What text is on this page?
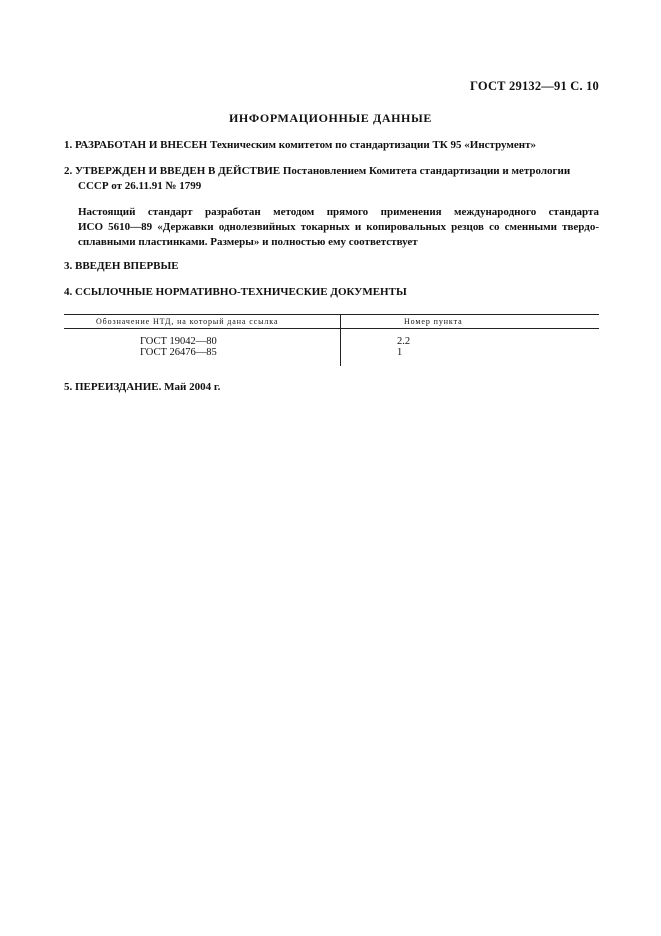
ГОСТ 29132—91 С. 10
ИНФОРМАЦИОННЫЕ ДАННЫЕ
1. РАЗРАБОТАН И ВНЕСЕН Техническим комитетом по стандартизации ТК 95 «Инструмент»
2. УТВЕРЖДЕН И ВВЕДЕН В ДЕЙСТВИЕ Постановлением Комитета стандартизации и метрологии
СССР от 26.11.91 № 1799
Настоящий стандарт разработан методом прямого применения международного стандарта
ИСО 5610—89 «Державки однолезвийных токарных и копировальных резцов со сменными твердо-
сплавными пластинками. Размеры» и полностью ему соответствует
3. ВВЕДЕН ВПЕРВЫЕ
4. ССЫЛОЧНЫЕ НОРМАТИВНО-ТЕХНИЧЕСКИЕ ДОКУМЕНТЫ
Обозначение НТД, на который дана ссылка	Номер пункта
ГОСТ 19042—80	2.2
ГОСТ 26476—85	1
5. ПЕРЕИЗДАНИЕ. Май 2004 г.
